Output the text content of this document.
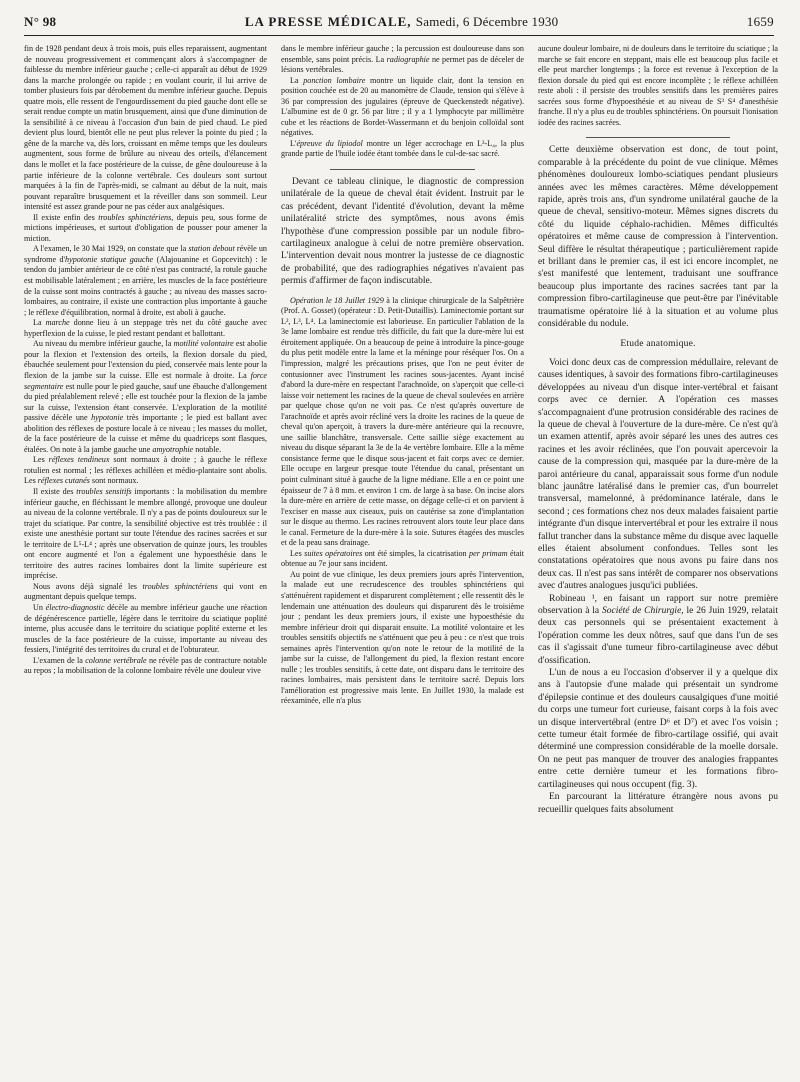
N° 98	LA PRESSE MÉDICALE, Samedi, 6 Décembre 1930	1659

fin de 1928 pendant deux à trois mois, puis elles reparaissent, augmentant de nouveau progressivement et commençant alors à s'accompagner de faiblesse du membre inférieur gauche ; celle-ci apparaît au début de 1929 dans la marche prolongée ou rapide ; en voulant courir, il lui arrive de tomber plusieurs fois par dérobement du membre inférieur gauche. Depuis quatre mois, elle ressent de l'engourdissement du pied gauche dont elle se serait rendue compte un matin brusquement, ainsi que d'une diminution de la sensibilité à ce niveau à l'occasion d'un bain de pied chaud. Le pied devient plus lourd, bientôt elle ne peut plus relever la pointe du pied ; la gêne de la marche va, dès lors, croissant en même temps que les douleurs augmentent, sous forme de brûlure au niveau des orteils, d'élancement dans le mollet et la face postérieure de la cuisse, de gêne douloureuse à la partie inférieure de la colonne vertébrale. Ces douleurs sont surtout marquées à la fin de l'après-midi, se calmant au début de la nuit, mais pouvant reparaître brusquement et la réveiller dans son sommeil. Leur intensité est assez grande pour ne pas céder aux analgésiques.

Il existe enfin des troubles sphinctériens, depuis peu, sous forme de mictions impérieuses, et surtout d'obligation de pousser pour amener la miction.

A l'examen, le 30 Mai 1929, on constate que la station debout révèle un syndrome d'hypotonie statique gauche (Alajouanine et Gopcevitch) : le tendon du jambier antérieur de ce côté n'est pas contracté, la rotule gauche est mobilisable latéralement ; en arrière, les muscles de la face postérieure de la cuisse sont moins contractés à gauche ; au niveau des masses sacro-lombaires, au contraire, il existe une contraction plus importante à gauche ; le réflexe d'équilibration, normal à droite, est aboli à gauche.

La marche donne lieu à un steppage très net du côté gauche avec hyperflexion de la cuisse, le pied restant pendant et ballottant.

Au niveau du membre inférieur gauche, la motilité volontaire est abolie pour la flexion et l'extension des orteils, la flexion dorsale du pied, ébauchée seulement pour l'extension du pied, conservée mais lente pour la flexion de la jambe sur la cuisse. Elle est normale à droite. La force segmentaire est nulle pour le pied gauche, sauf une ébauche d'allongement du pied préalablement relevé ; elle est touchée pour la flexion de la jambe sur la cuisse, l'extension étant conservée. L'exploration de la motilité passive décèle une hypotonie très importante ; le pied est ballant avec abolition des réflexes de posture locale à ce niveau ; les masses du mollet, de la face postérieure de la cuisse et même du quadriceps sont flasques, étalées. On note à la jambe gauche une amyotrophie notable.

Les réflexes tendineux sont normaux à droite ; à gauche le réflexe rotulien est normal ; les réflexes achilléen et médio-plantaire sont abolis. Les réflexes cutanés sont normaux.

Il existe des troubles sensitifs importants : la mobilisation du membre inférieur gauche, en fléchissant le membre allongé, provoque une douleur au niveau de la colonne vertébrale. Il n'y a pas de points douloureux sur le trajet du sciatique. Par contre, la sensibilité objective est très troublée : il existe une anesthésie portant sur toute l'étendue des racines sacrées et sur le territoire de L⁵-L⁴ ; après une observation de quinze jours, les troubles ont encore augmenté et l'on a également une hypoesthésie dans le territoire des autres racines lombaires dont la limite supérieure est imprécise.

Nous avons déjà signalé les troubles sphinctériens qui vont en augmentant depuis quelque temps.

Un électro-diagnostic décèle au membre inférieur gauche une réaction de dégénérescence partielle, légère dans le territoire du sciatique poplité interne, plus accusée dans le territoire du sciatique poplité externe et les muscles de la face postérieure de la cuisse, importante au niveau des fessiers, l'intégrité des territoires du crural et de l'obturateur.

L'examen de la colonne vertébrale ne révèle pas de contracture notable au repos ; la mobilisation de la colonne lombaire révèle une douleur vive

dans le membre inférieur gauche ; la percussion est douloureuse dans son ensemble, sans point précis. La radiographie ne permet pas de déceler de lésions vertébrales.

La ponction lombaire montre un liquide clair, dont la tension en position couchée est de 20 au manomètre de Claude, tension qui s'élève à 36 par compression des jugulaires (épreuve de Queckenstedt négative). L'albumine est de 0 gr. 56 par litre ; il y a 1 lymphocyte par millimètre cube et les réactions de Bordet-Wassermann et du benjoin colloïdal sont négatives.

L'épreuve du lipiodol montre un léger accrochage en L³-L₄, la plus grande partie de l'huile iodée étant tombée dans le cul-de-sac sacré.

Devant ce tableau clinique, le diagnostic de compression unilatérale de la queue de cheval était évident. Instruit par le cas précédent, devant l'identité d'évolution, devant la même unilatéralité stricte des symptômes, nous avons émis l'hypothèse d'une compression possible par un nodule fibro-cartilagineux analogue à celui de notre première observation. L'intervention devait nous montrer la justesse de ce diagnostic de probabilité, que des radiographies négatives n'avaient pas permis d'affirmer de façon indiscutable.

Opération le 18 Juillet 1929 à la clinique chirurgicale de la Salpêtrière (Prof. A. Gosset) (opérateur : D. Petit-Dutaillis). Laminectomie portant sur L², L³, L⁴. La laminectomie est laborieuse. En particulier l'ablation de la 3e lame lombaire est rendue très difficile, du fait que la dure-mère lui est étroitement appliquée. On a beaucoup de peine à introduire la pince-gouge du plus petit modèle entre la lame et la méninge pour réséquer l'os. On a l'impression, malgré les précautions prises, que l'on ne peut éviter de contusionner avec l'instrument les racines sous-jacentes. Ayant incisé d'abord la dure-mère en respectant l'arachnoïde, on s'aperçoit que celle-ci laisse voir nettement les racines de la queue de cheval soulevées en arrière par quelque chose qu'on ne voit pas. Ce n'est qu'après ouverture de l'arachnoïde et après avoir récliné vers la droite les racines de la queue de cheval qu'on aperçoit, à travers la dure-mère antérieure qui la recouvre, une saillie blanchâtre, transversale. Cette saillie siège exactement au niveau du disque séparant la 3e de la 4e vertèbre lombaire. Elle a la même consistance ferme que le disque sous-jacent et fait corps avec ce dernier. Elle occupe en largeur presque toute l'étendue du canal, présentant un point culminant situé à gauche de la ligne médiane. Elle a en ce point une épaisseur de 7 à 8 mm. et environ 1 cm. de large à sa base. On incise alors la dure-mère en arrière de cette masse, on dégage celle-ci et on parvient à l'exciser en masse aux ciseaux, puis on cautérise sa zone d'implantation sur le disque au thermo. Les racines retrouvent alors toute leur place dans le canal. Fermeture de la dure-mère à la soie. Sutures étagées des muscles et de la peau sans drainage.

Les suites opératoires ont été simples, la cicatrisation per primam était obtenue au 7e jour sans incident.

Au point de vue clinique, les deux premiers jours après l'intervention, la malade eut une recrudescence des troubles sphinctériens qui s'atténuèrent rapidement et disparurent complètement ; elle ressentit dès le lendemain une atténuation des douleurs qui disparurent dès le troisième jour ; pendant les deux premiers jours, il existe une hypoesthésie du membre inférieur droit qui disparait ensuite. La motilité volontaire et les troubles sensitifs objectifs ne s'atténuent que peu à peu : ce n'est que trois semaines après l'intervention qu'on note le retour de la motilité de la jambe sur la cuisse, de l'allongement du pied, la flexion restant encore nulle ; les troubles sensitifs, à cette date, ont disparu dans le territoire des racines lombaires, mais persistent dans le territoire sacré. Depuis lors l'amélioration est progressive mais lente. En Juillet 1930, la malade est réexaminée, elle n'a plus

aucune douleur lombaire, ni de douleurs dans le territoire du sciatique ; la marche se fait encore en steppant, mais elle est beaucoup plus facile et elle peut marcher longtemps ; la force est revenue à l'exception de la flexion dorsale du pied qui est encore incomplète ; le réflexe achilléen reste aboli : il persiste des troubles sensitifs dans les premières paires sacrées sous forme d'hypoesthésie et au niveau de S³ S⁴ d'anesthésie franche. Il n'y a plus eu de troubles sphinctériens. On poursuit l'ionisation iodée des racines sacrées.

Cette deuxième observation est donc, de tout point, comparable à la précédente du point de vue clinique. Mêmes phénomènes douloureux lombo-sciatiques pendant plusieurs années avec les mêmes caractères. Même développement rapide, après trois ans, d'un syndrome unilatéral gauche de la queue de cheval, sensitivo-moteur. Mêmes signes discrets du côté du liquide céphalo-rachidien. Mêmes difficultés opératoires et même cause de compression à l'intervention. Seul diffère le résultat thérapeutique ; particulièrement rapide et brillant dans le premier cas, il est ici encore incomplet, ne s'est manifesté que lentement, traduisant une souffrance beaucoup plus importante des racines sacrées tant par la compression fibro-cartilagineuse que peut-être par l'inévitable traumatisme opératoire lié à la situation et au volume plus considérable du nodule.

Etude anatomique.

Voici donc deux cas de compression médullaire, relevant de causes identiques, à savoir des formations fibro-cartilagineuses développées au niveau d'un disque inter-vertébral et faisant corps avec ce dernier. A l'opération ces masses s'accompagnaient d'une protrusion considérable des racines de la queue de cheval à l'ouverture de la dure-mère. Ce n'est qu'à un examen attentif, après avoir séparé les unes des autres ces racines et les avoir réclinées, que l'on pouvait apercevoir la cause de la compression qui, masquée par la dure-mère de la paroi antérieure du canal, apparaissait sous forme d'un nodule blanc jaunâtre latéralisé dans le premier cas, d'un bourrelet transversal, mamelonné, à prédominance latérale, dans le second ; ces formations chez nos deux malades faisaient partie intégrante d'un disque intervertébral et pour les extraire il nous fallut trancher dans la substance même du disque avec laquelle elles étaient absolument confondues. Telles sont les constatations opératoires que nous avons pu faire dans nos deux cas. Il n'est pas sans intérêt de comparer nos observations avec d'autres analogues jusqu'ici publiées.

Robineau ¹, en faisant un rapport sur notre première observation à la Société de Chirurgie, le 26 Juin 1929, relatait deux cas personnels qui se présentaient exactement à l'opération comme les deux nôtres, sauf que dans l'un de ses cas il s'agissait d'une tumeur fibro-cartilagineuse avec début d'ossification.

L'un de nous a eu l'occasion d'observer il y a quelque dix ans à l'autopsie d'une malade qui présentait un syndrome d'épilepsie continue et des douleurs causalgiques d'une moitié du corps une tumeur fort curieuse, faisant corps à la fois avec un disque intervertébral (entre D⁶ et D⁷) et avec l'os voisin ; cette tumeur était formée de fibro-cartilage ossifié, qui avait déterminé une compression considérable de la moelle dorsale. On ne peut pas manquer de trouver des analogies frappantes entre cette dernière tumeur et les formations fibro-cartilagineuses qui nous occupent (fig. 3).

En parcourant la littérature étrangère nous avons pu recueillir quelques faits absolument
